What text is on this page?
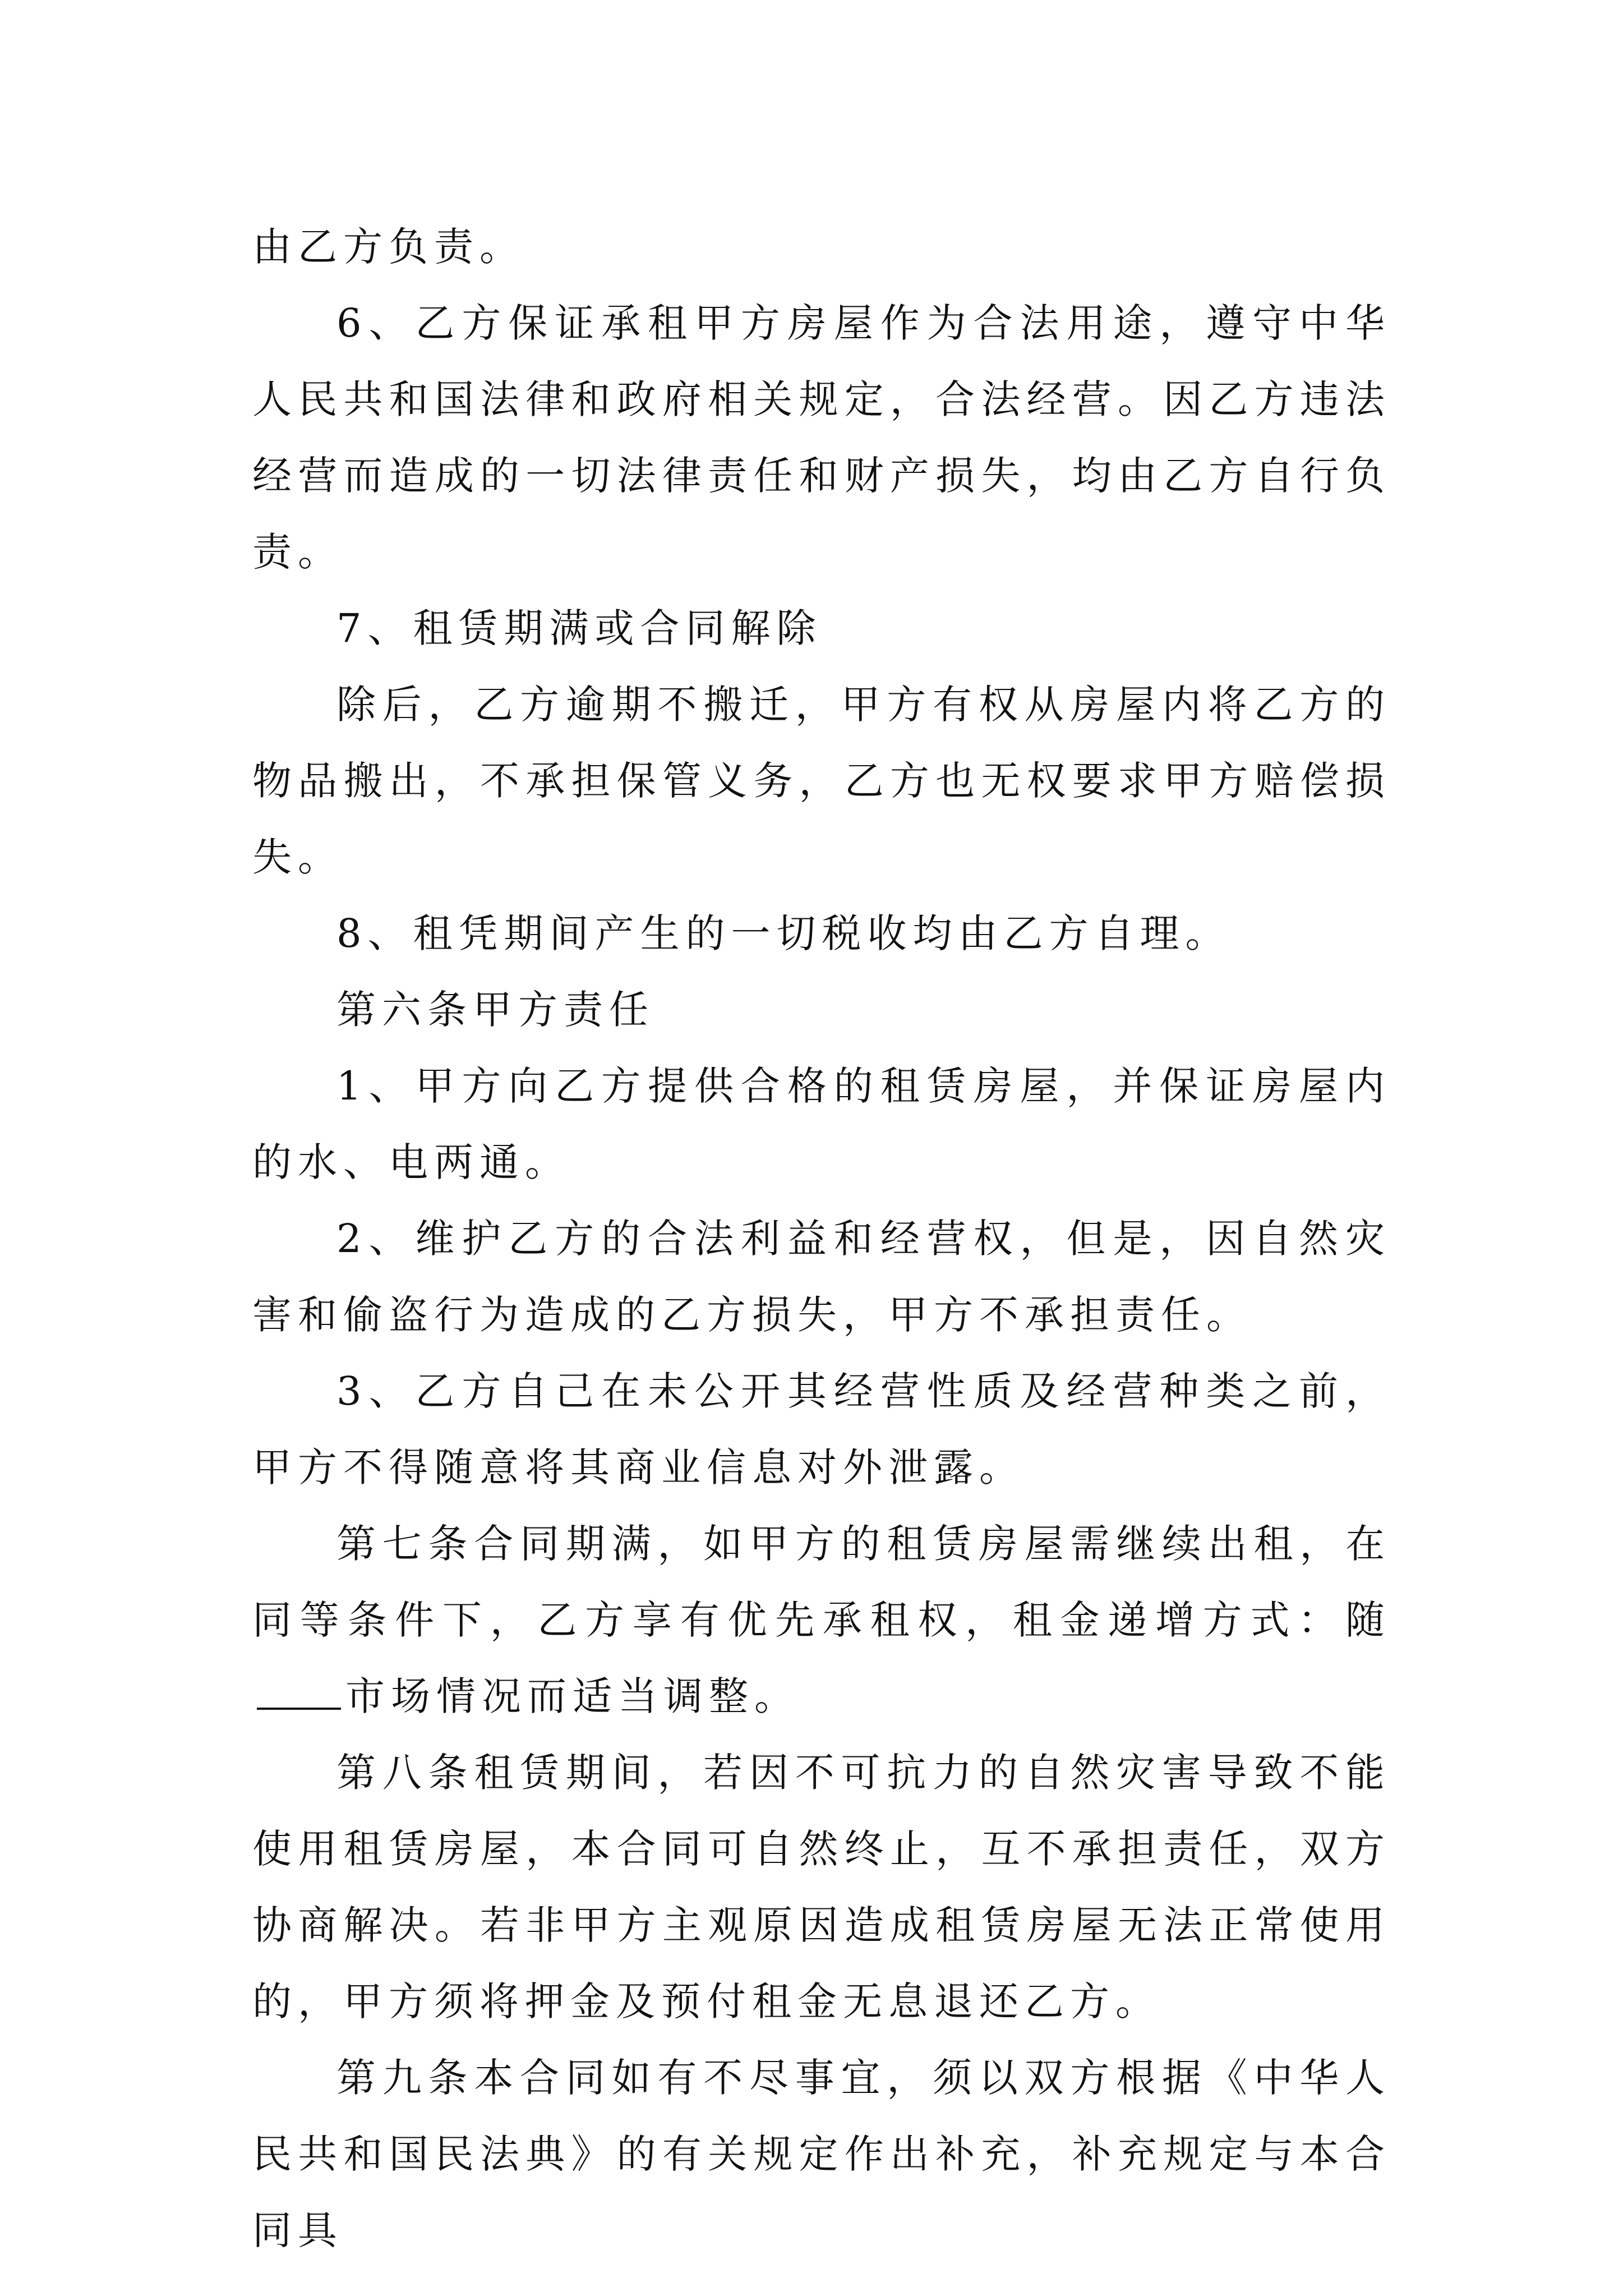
由乙方负责。

6、乙方保证承租甲方房屋作为合法用途，遵守中华人民共和国法律和政府相关规定，合法经营。因乙方违法经营而造成的一切法律责任和财产损失，均由乙方自行负责。

7、租赁期满或合同解除

除后，乙方逾期不搬迁，甲方有权从房屋内将乙方的物品搬出，不承担保管义务，乙方也无权要求甲方赔偿损失。

8、租凭期间产生的一切税收均由乙方自理。

第六条甲方责任

1、甲方向乙方提供合格的租赁房屋，并保证房屋内的水、电两通。

2、维护乙方的合法利益和经营权，但是，因自然灾害和偷盗行为造成的乙方损失，甲方不承担责任。

3、乙方自己在未公开其经营性质及经营种类之前，甲方不得随意将其商业信息对外泄露。

第七条合同期满，如甲方的租赁房屋需继续出租，在同等条件下，乙方享有优先承租权，租金递增方式：随市场情况而适当调整。

第八条租赁期间，若因不可抗力的自然灾害导致不能使用租赁房屋，本合同可自然终止，互不承担责任，双方协商解决。若非甲方主观原因造成租赁房屋无法正常使用的，甲方须将押金及预付租金无息退还乙方。

第九条本合同如有不尽事宜，须以双方根据《中华人民共和国民法典》的有关规定作出补充，补充规定与本合同具
